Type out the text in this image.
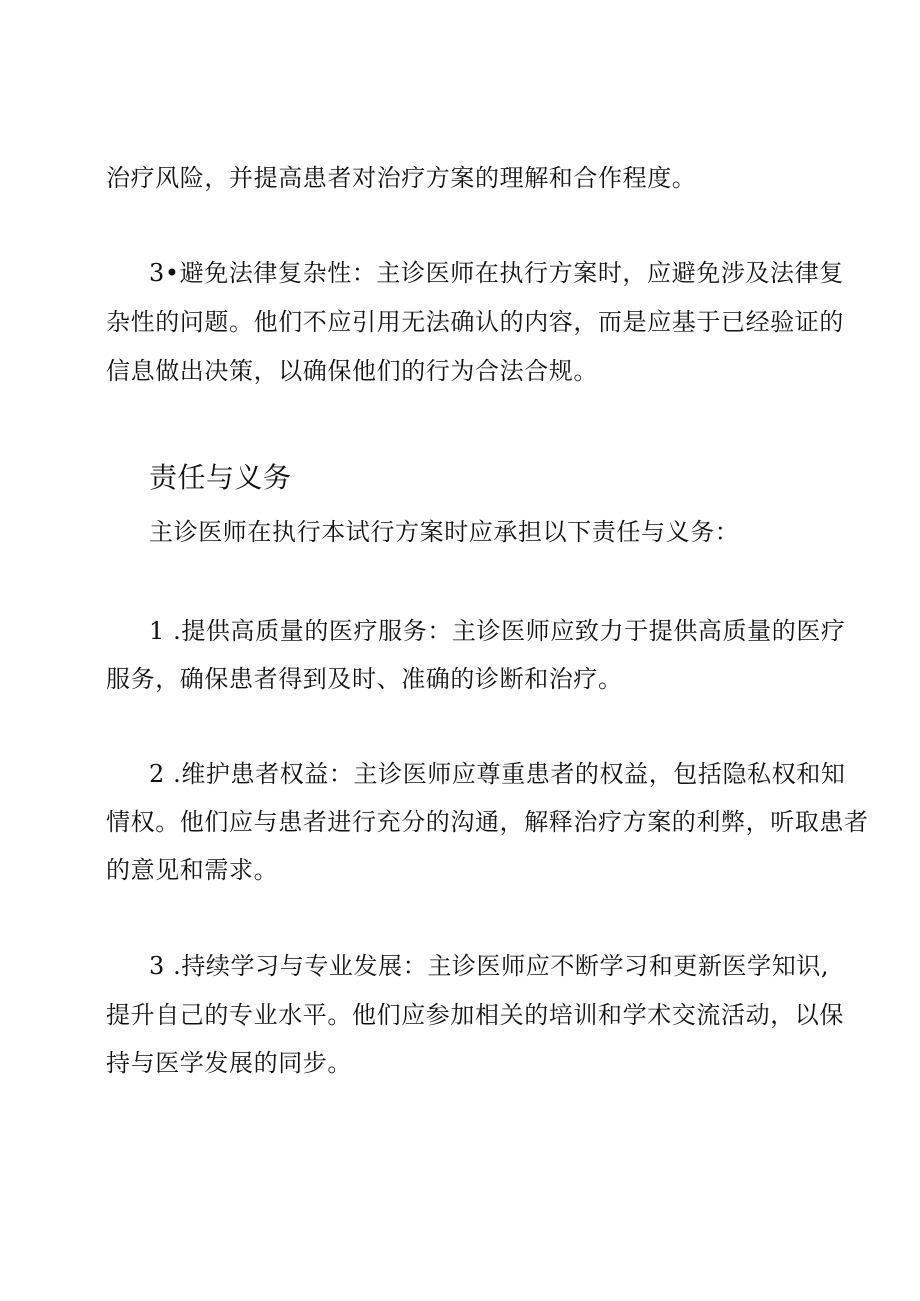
治疗风险，并提高患者对治疗方案的理解和合作程度。
3•避免法律复杂性：主诊医师在执行方案时，应避免涉及法律复
杂性的问题。他们不应引用无法确认的内容，而是应基于已经验证的
信息做出决策，以确保他们的行为合法合规。
责任与义务
主诊医师在执行本试行方案时应承担以下责任与义务：
1 .提供高质量的医疗服务：主诊医师应致力于提供高质量的医疗
服务，确保患者得到及时、准确的诊断和治疗。
2 .维护患者权益：主诊医师应尊重患者的权益，包括隐私权和知
情权。他们应与患者进行充分的沟通，解释治疗方案的利弊，听取患者
的意见和需求。
3 .持续学习与专业发展：主诊医师应不断学习和更新医学知识,
提升自己的专业水平。他们应参加相关的培训和学术交流活动，以保
持与医学发展的同步。
